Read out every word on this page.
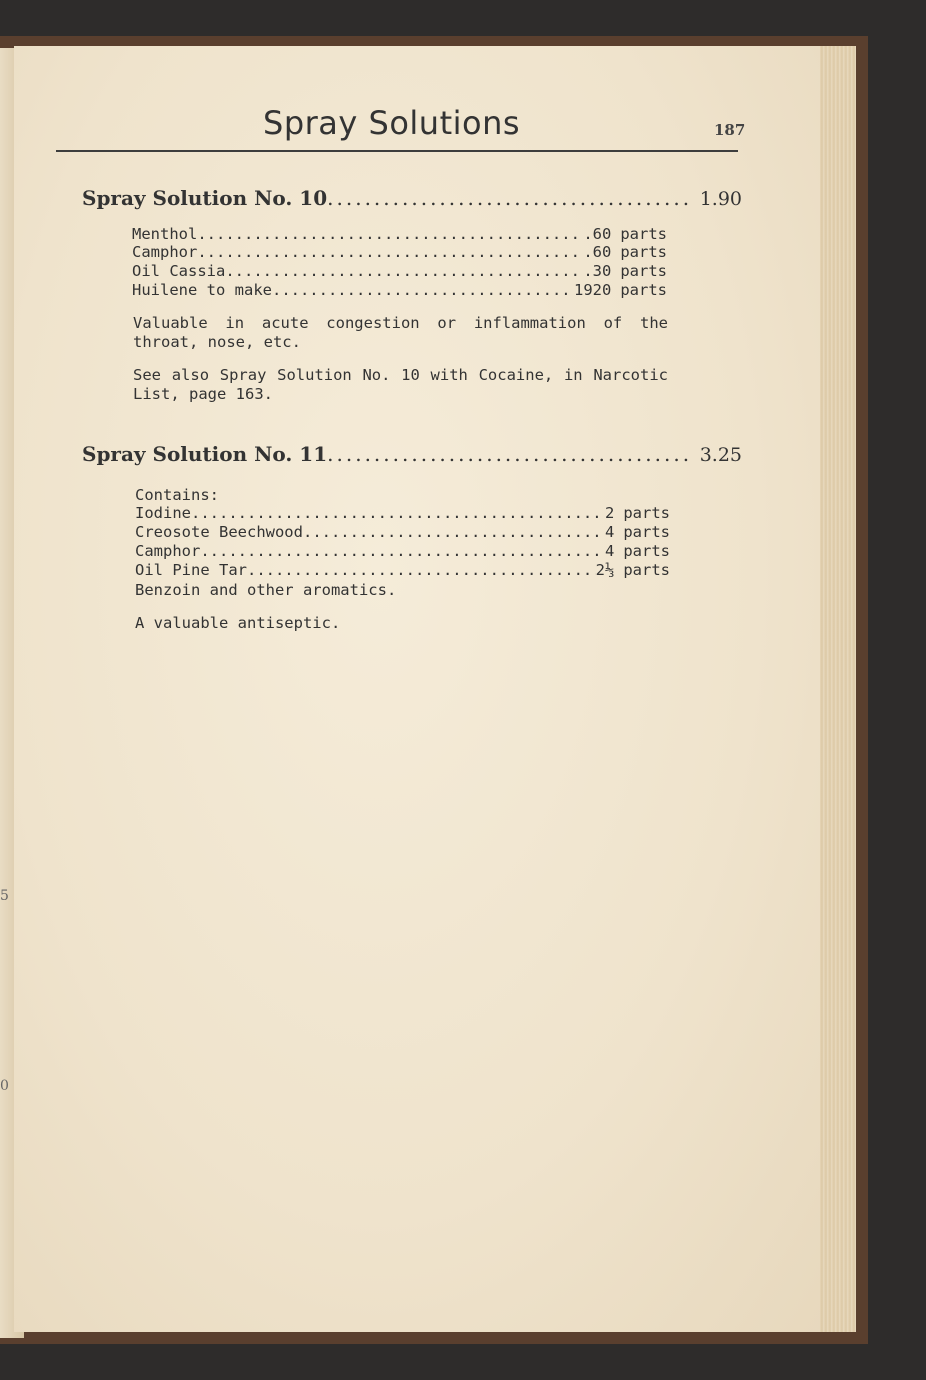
5
0
Spray Solutions	187
Spray Solution No. 10 .....	1.90
Menthol .....	.60 parts
Camphor .....	.60 parts
Oil Cassia .....	.30 parts
Huilene to make .....	1920 parts

Valuable in acute congestion or inflammation of the throat, nose, etc.

See also Spray Solution No. 10 with Cocaine, in Narcotic List, page 163.

Spray Solution No. 11 .....	3.25
Contains:
Iodine .....	2 parts
Creosote Beechwood .....	4 parts
Camphor .....	4 parts
Oil Pine Tar .....	2⅓ parts
Benzoin and other aromatics.
A valuable antiseptic.
